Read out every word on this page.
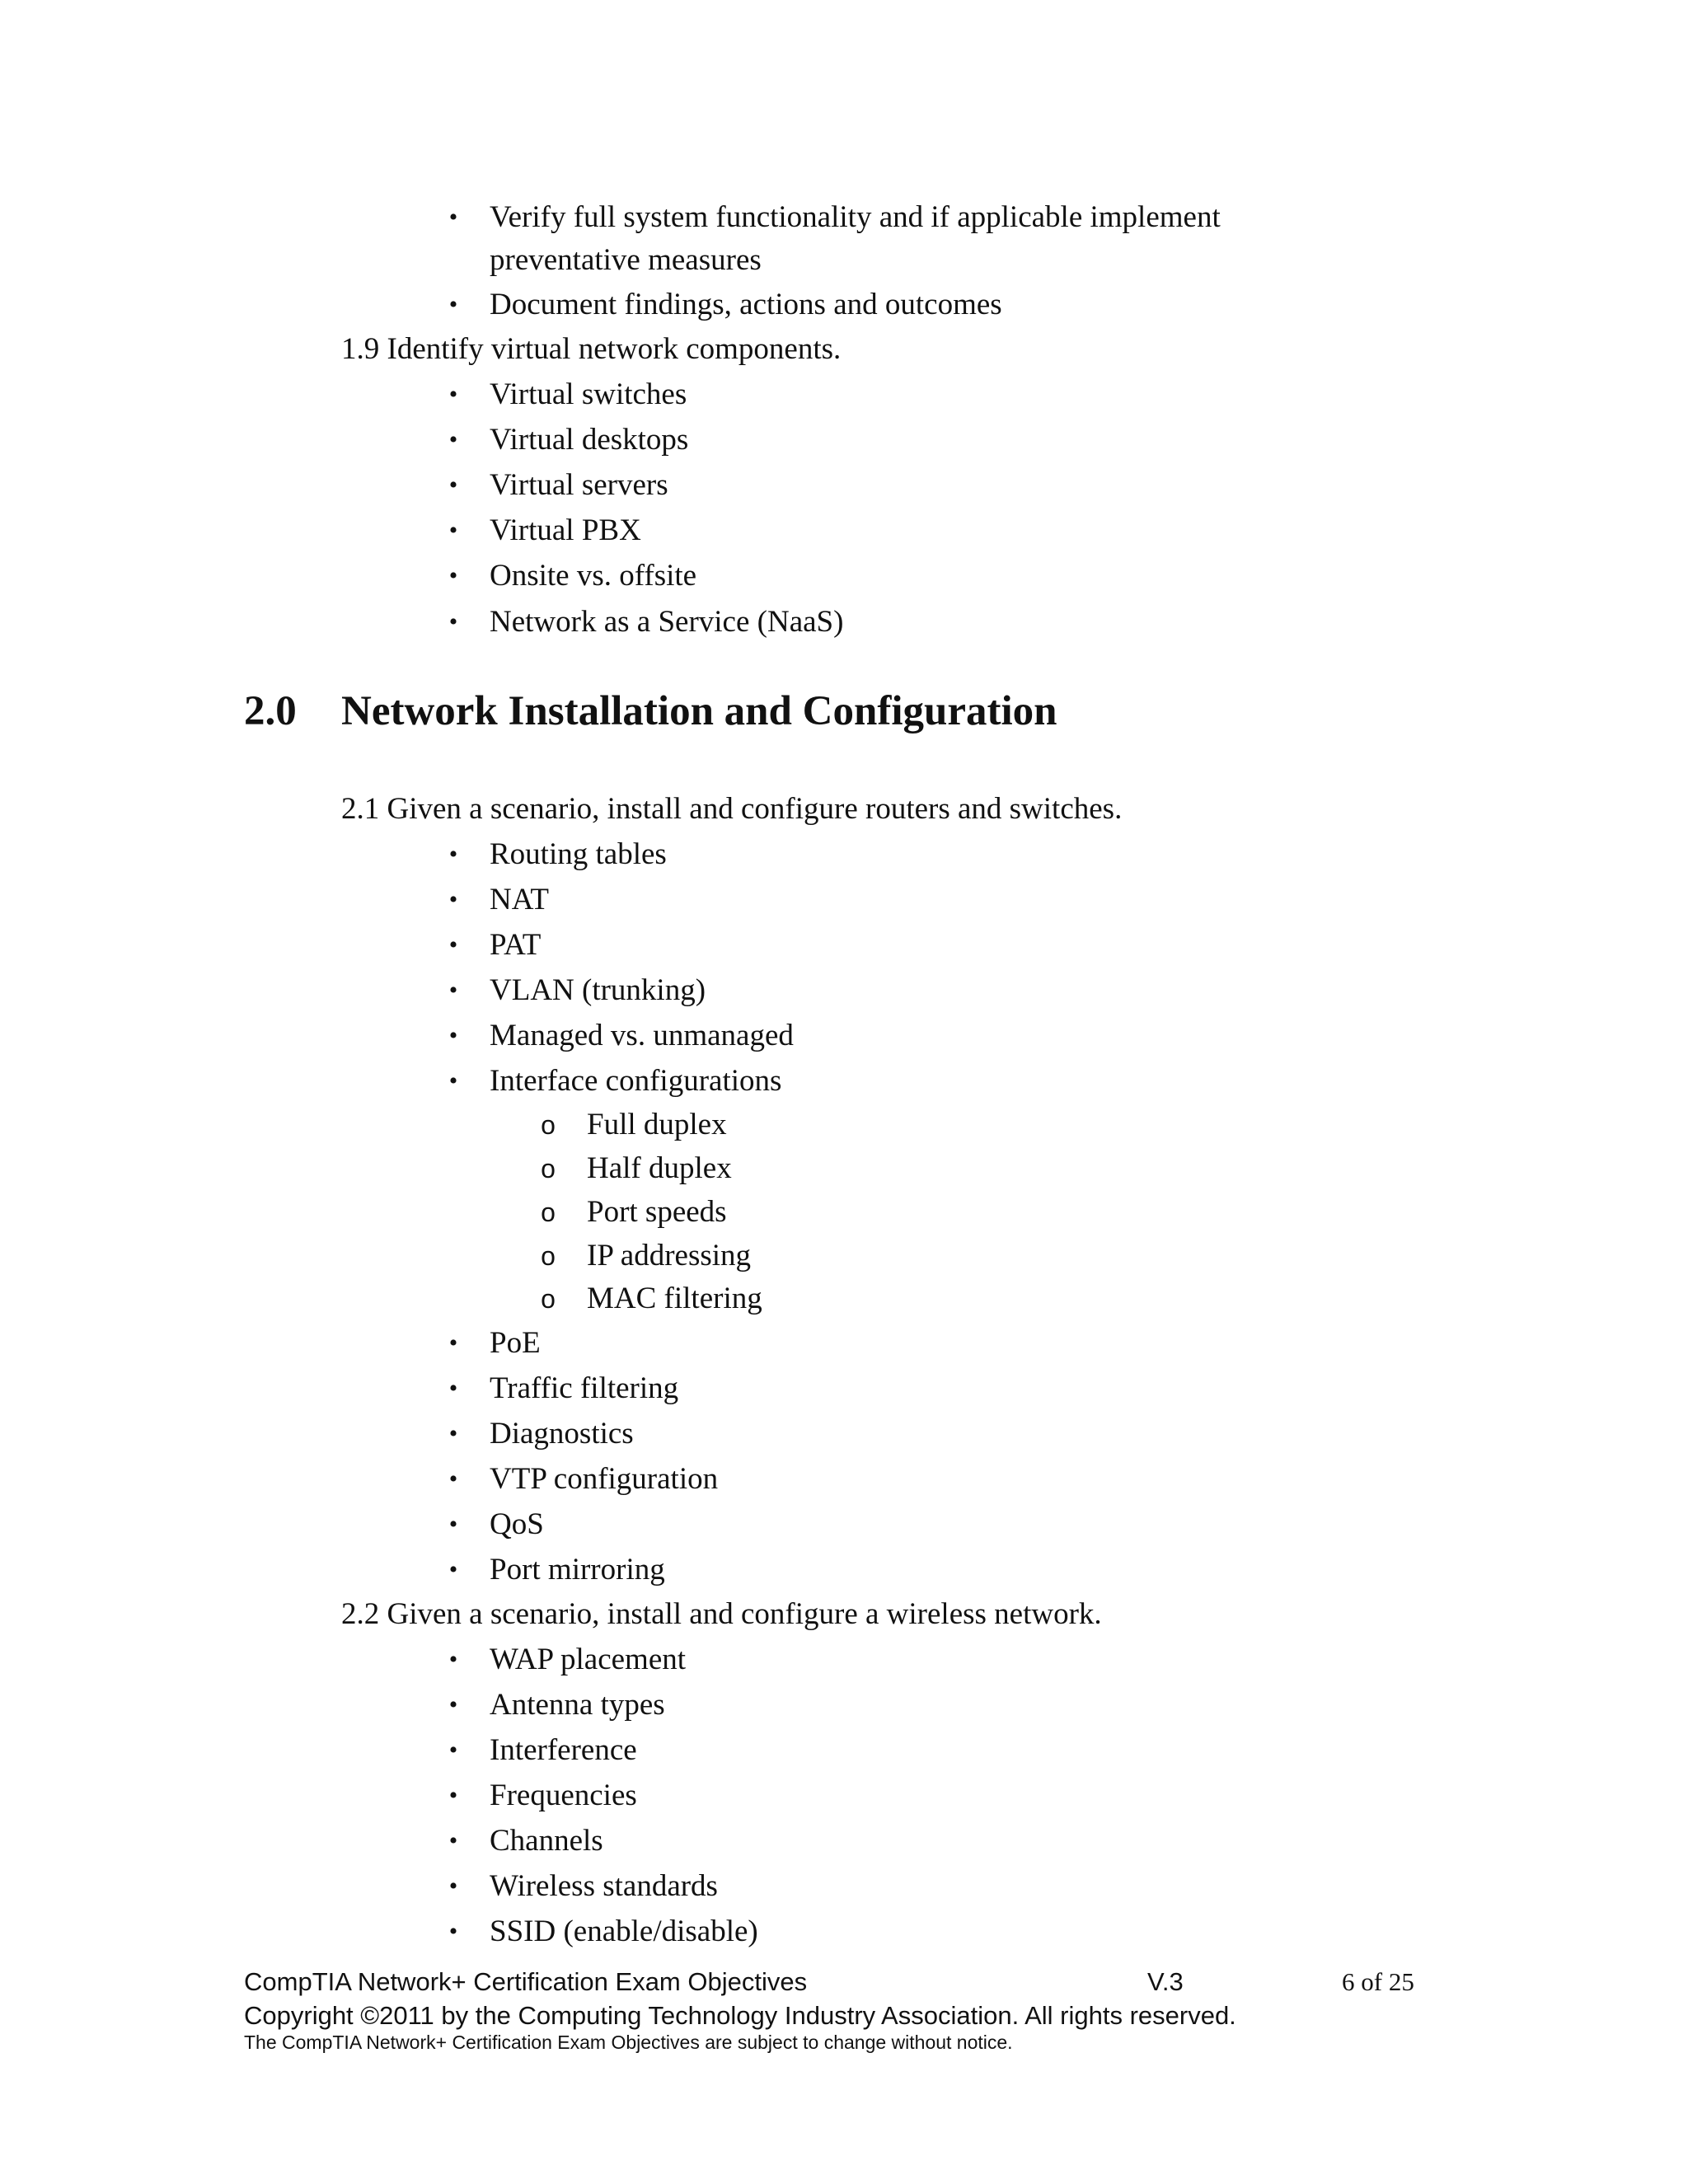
•	Verify full system functionality and if applicable implement
preventative measures
•	Document findings, actions and outcomes
1.9 Identify virtual network components.
•	Virtual switches
•	Virtual desktops
•	Virtual servers
•	Virtual PBX
•	Onsite vs. offsite
•	Network as a Service (NaaS)
2.0 Network Installation and Configuration
2.1 Given a scenario, install and configure routers and switches.
•	Routing tables
•	NAT
•	PAT
•	VLAN (trunking)
•	Managed vs. unmanaged
•	Interface configurations
o Full duplex
o Half duplex
o Port speeds
o IP addressing
o MAC filtering
•	PoE
•	Traffic filtering
•	Diagnostics
•	VTP configuration
•	QoS
•	Port mirroring
2.2 Given a scenario, install and configure a wireless network.
•	WAP placement
•	Antenna types
•	Interference
•	Frequencies
•	Channels
•	Wireless standards
•	SSID (enable/disable)
CompTIA Network+ Certification Exam Objectives	V.3	6 of 25
Copyright ©2011 by the Computing Technology Industry Association. All rights reserved.
The CompTIA Network+ Certification Exam Objectives are subject to change without notice.
